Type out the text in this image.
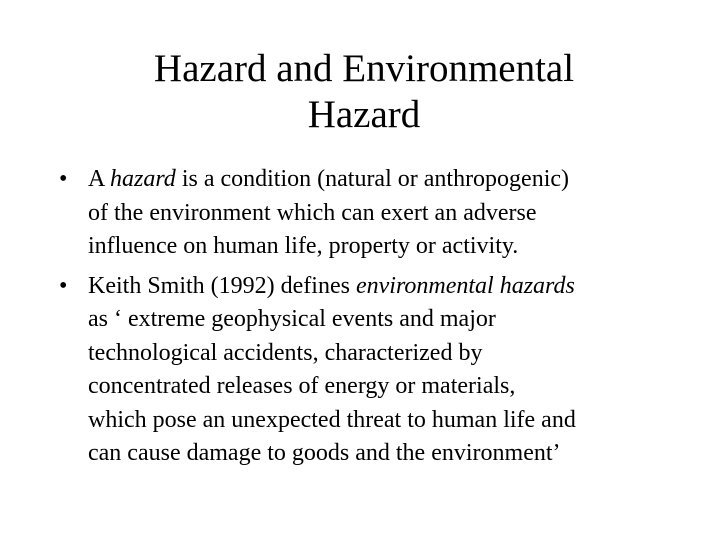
Hazard and Environmental
Hazard
• A hazard is a condition (natural or anthropogenic)
of the environment which can exert an adverse
influence on human life, property or activity.
• Keith Smith (1992) defines environmental hazards
as ‘ extreme geophysical events and major
technological accidents, characterized by
concentrated releases of energy or materials,
which pose an unexpected threat to human life and
can cause damage to goods and the environment’
